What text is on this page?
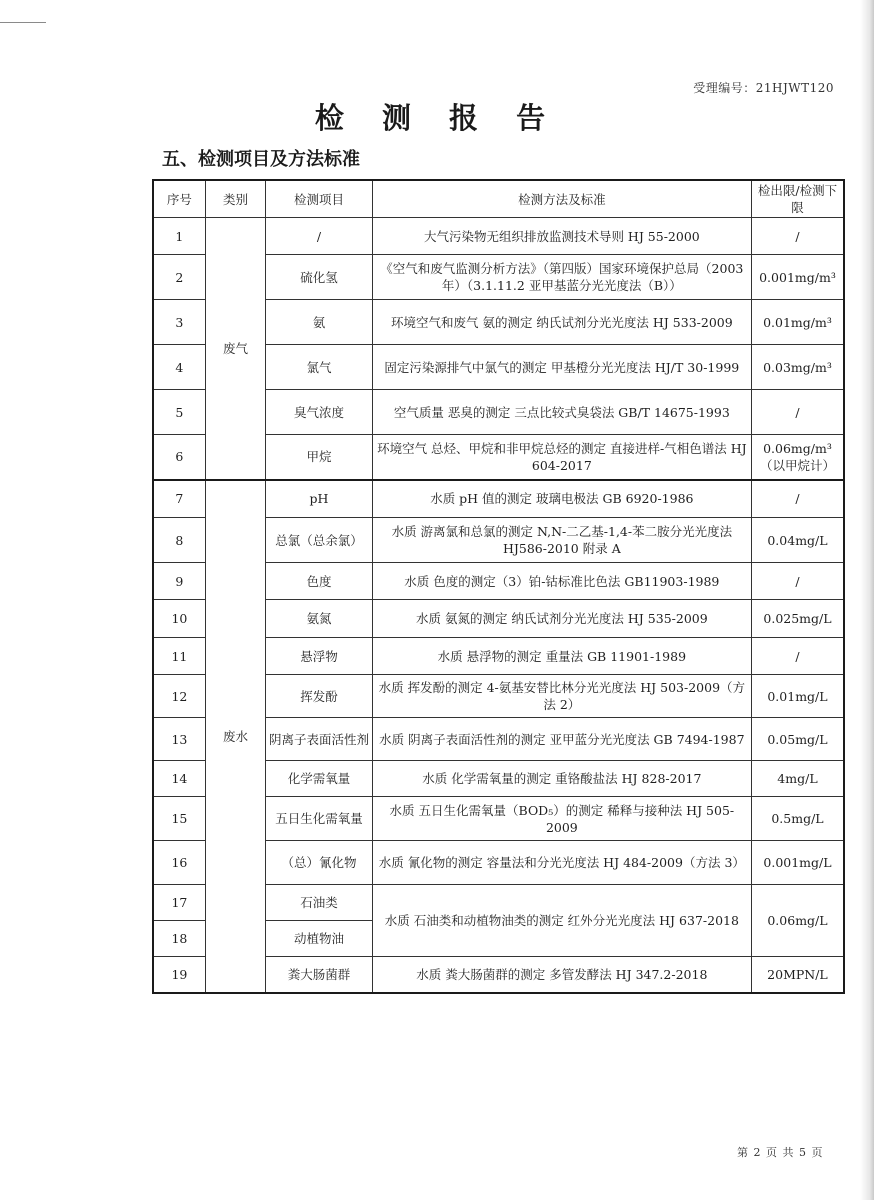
受理编号：21HJWT120
检 测 报 告
五、检测项目及方法标准
序号	类别	检测项目	检测方法及标准	检出限/检测下限
1	废气	/	大气污染物无组织排放监测技术导则 HJ 55-2000	/
2		硫化氢	《空气和废气监测分析方法》（第四版）国家环境保护总局（2003 年）（3.1.11.2 亚甲基蓝分光光度法（B））	0.001mg/m³
3		氨	环境空气和废气 氨的测定 纳氏试剂分光光度法 HJ 533-2009	0.01mg/m³
4		氯气	固定污染源排气中氯气的测定 甲基橙分光光度法 HJ/T 30-1999	0.03mg/m³
5		臭气浓度	空气质量 恶臭的测定 三点比较式臭袋法 GB/T 14675-1993	/
6		甲烷	环境空气 总烃、甲烷和非甲烷总烃的测定 直接进样-气相色谱法 HJ 604-2017	0.06mg/m³（以甲烷计）
7	废水	pH	水质 pH 值的测定 玻璃电极法 GB 6920-1986	/
8		总氯（总余氯）	水质 游离氯和总氯的测定 N,N-二乙基-1,4-苯二胺分光光度法 HJ586-2010 附录 A	0.04mg/L
9		色度	水质 色度的测定（3）铂-钴标准比色法 GB11903-1989	/
10		氨氮	水质 氨氮的测定 纳氏试剂分光光度法 HJ 535-2009	0.025mg/L
11		悬浮物	水质 悬浮物的测定 重量法 GB 11901-1989	/
12		挥发酚	水质 挥发酚的测定 4-氨基安替比林分光光度法 HJ 503-2009（方法 2）	0.01mg/L
13		阴离子表面活性剂	水质 阴离子表面活性剂的测定 亚甲蓝分光光度法 GB 7494-1987	0.05mg/L
14		化学需氧量	水质 化学需氧量的测定 重铬酸盐法 HJ 828-2017	4mg/L
15		五日生化需氧量	水质 五日生化需氧量（BOD₅）的测定 稀释与接种法 HJ 505-2009	0.5mg/L
16		（总）氰化物	水质 氰化物的测定 容量法和分光光度法 HJ 484-2009（方法 3）	0.001mg/L
17		石油类	水质 石油类和动植物油类的测定 红外分光光度法 HJ 637-2018	0.06mg/L
18		动植物油		
19		粪大肠菌群	水质 粪大肠菌群的测定 多管发酵法 HJ 347.2-2018	20MPN/L
第 2 页 共 5 页
